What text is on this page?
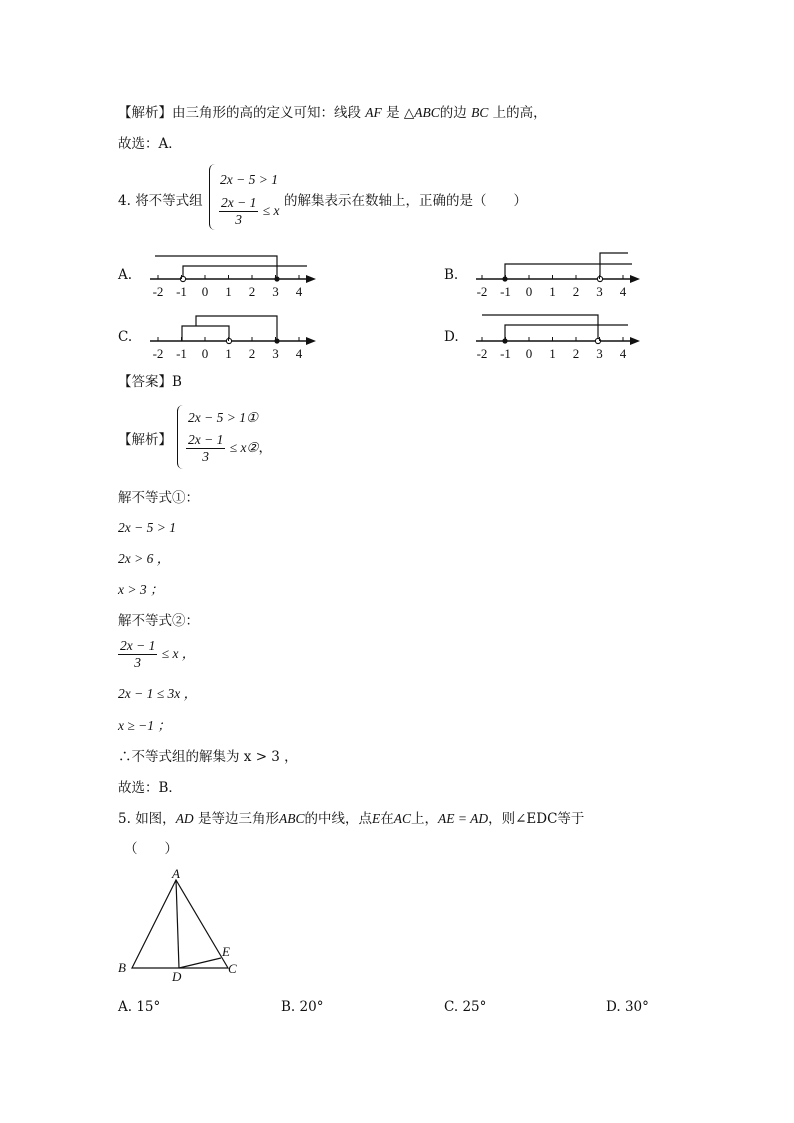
【解析】由三角形的高的定义可知：线段 AF 是 △ABC的边 BC 上的高，
故选：A．
4. 将不等式组
2x − 5 > 1
$\frac{2x - 1}{3} \le x$
的解集表示在数轴上，正确的是（　　）
A.	B.
C.	D.
-2 -1 0 1 2 3 4	-2 -1 0 1 2 3 4
-2 -1 0 1 2 3 4	-2 -1 0 1 2 3 4
【答案】B
【解析】
2x − 5 > 1①
$\frac{2x - 1}{3}$ ≤ x②，
解不等式①：
2x − 5 > 1
2x > 6 ，
x > 3 ；
解不等式②：
$\frac{2x - 1}{3} \le x$ ，
2x − 1 ≤ 3x ，
x ≥ −1 ；
∴不等式组的解集为 x > 3 ，
故选：B．
5. 如图，AD 是等边三角形ABC的中线，点E在AC上，AE = AD，则∠EDC等于
（　　）
A
B	C
D
E
A. 15°	B. 20°	C. 25°	D. 30°
